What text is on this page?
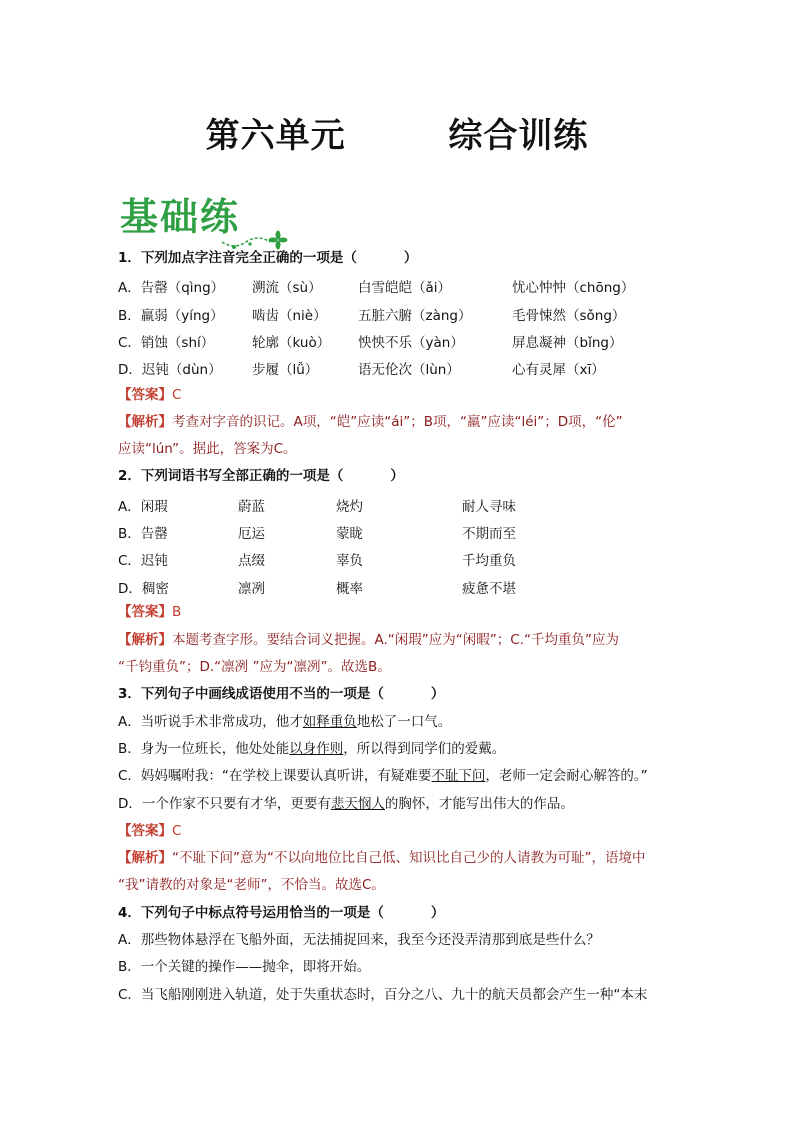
第六单元        综合训练
基础练
1．下列加点字注音完全正确的一项是（          ）
A．告罄（qìng） 溯流（sù）	白雪皑皑（ǎi）	忧心忡忡（chōng）
B．羸弱（yíng） 啮齿（niè） 五脏六腑（zàng）	毛骨悚然（sǒng）
C．销蚀（shí）	轮廓（kuò） 怏怏不乐（yàn）	屏息凝神（bǐng）
D．迟钝（dùn） 步履（lǚ）	语无伦次（lùn）	心有灵犀（xī）
【答案】C
【解析】考查对字音的识记。A项，“皑”应读“ái”；B项，“羸”应读“léi”；D项，“伦”
应读“lún”。据此，答案为C。
2．下列词语书写全部正确的一项是（          ）
A．闲瑕	蔚蓝	烧灼	耐人寻味
B．告罄	厄运	蒙眬	不期而至
C．迟钝	点缀	辜负	千均重负
D．稠密	凛冽	概率	疲惫不堪
【答案】B
【解析】本题考查字形。要结合词义把握。A.“闲瑕”应为“闲暇”；C.“千均重负”应为
“千钧重负”；D.“凛冽 ”应为“凛冽”。故选B。
3．下列句子中画线成语使用不当的一项是（          ）
A．当听说手术非常成功，他才如释重负地松了一口气。
B．身为一位班长，他处处能以身作则，所以得到同学们的爱戴。
C．妈妈嘱咐我：“在学校上课要认真听讲，有疑难要不耻下问，老师一定会耐心解答的。”
D．一个作家不只要有才华，更要有悲天悯人的胸怀，才能写出伟大的作品。
【答案】C
【解析】“不耻下问”意为“不以向地位比自己低、知识比自己少的人请教为可耻”，语境中
“我”请教的对象是“老师”，不恰当。故选C。
4．下列句子中标点符号运用恰当的一项是（          ）
A．那些物体悬浮在飞船外面，无法捕捉回来，我至今还没弄清那到底是些什么？
B．一个关键的操作——抛伞，即将开始。
C．当飞船刚刚进入轨道，处于失重状态时，百分之八、九十的航天员都会产生一种“本末
